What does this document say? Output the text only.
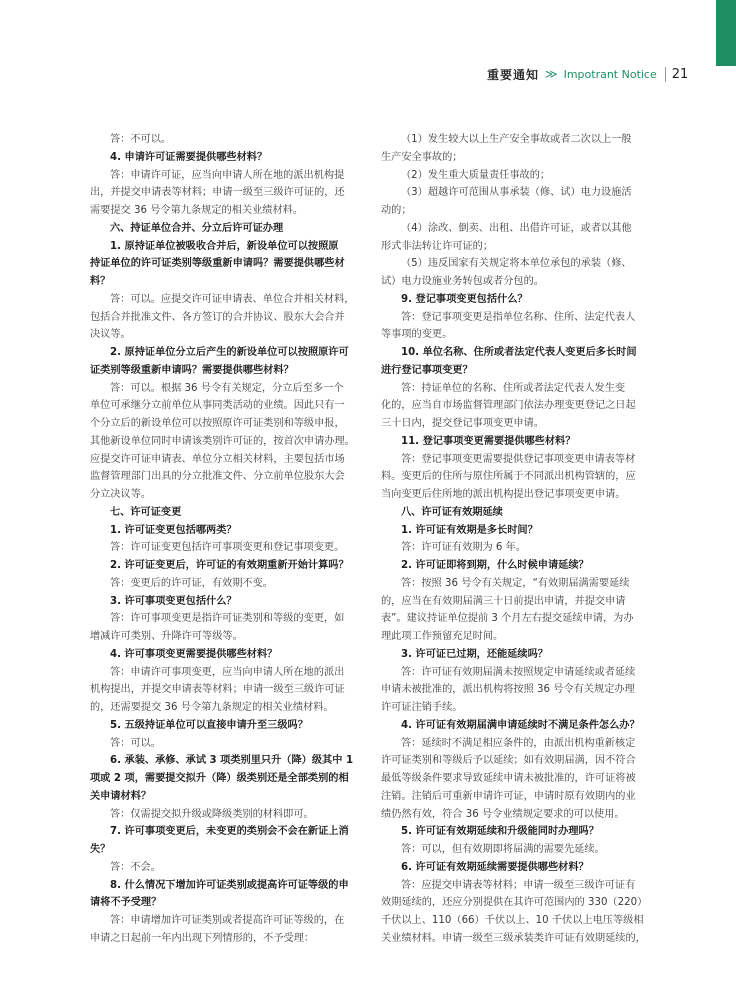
重要通知 ≫ Impotrant Notice	21
答：不可以。
4. 申请许可证需要提供哪些材料？
答：申请许可证，应当向申请人所在地的派出机构提
出，并提交申请表等材料；申请一级至三级许可证的，还
需要提交 36 号令第九条规定的相关业绩材料。
六、持证单位合并、分立后许可证办理
1. 原持证单位被吸收合并后，新设单位可以按照原
持证单位的许可证类别等级重新申请吗？需要提供哪些材
料？
答：可以。应提交许可证申请表、单位合并相关材料，
包括合并批准文件、各方签订的合并协议、股东大会合并
决议等。
2. 原持证单位分立后产生的新设单位可以按照原许可
证类别等级重新申请吗？需要提供哪些材料？
答：可以。根据 36 号令有关规定，分立后至多一个
单位可承继分立前单位从事同类活动的业绩。因此只有一
个分立后的新设单位可以按照原许可证类别和等级申报，
其他新设单位同时申请该类别许可证的，按首次申请办理。
应提交许可证申请表、单位分立相关材料，主要包括市场
监督管理部门出具的分立批准文件、分立前单位股东大会
分立决议等。
七、许可证变更
1. 许可证变更包括哪两类？
答：许可证变更包括许可事项变更和登记事项变更。
2. 许可证变更后，许可证的有效期重新开始计算吗？
答：变更后的许可证，有效期不变。
3. 许可事项变更包括什么？
答：许可事项变更是指许可证类别和等级的变更，如
增减许可类别、升降许可等级等。
4. 许可事项变更需要提供哪些材料？
答：申请许可事项变更，应当向申请人所在地的派出
机构提出，并提交申请表等材料；申请一级至三级许可证
的，还需要提交 36 号令第九条规定的相关业绩材料。
5. 五级持证单位可以直接申请升至三级吗？
答：可以。
6. 承装、承修、承试 3 项类别里只升（降）级其中 1
项或 2 项，需要提交拟升（降）级类别还是全部类别的相
关申请材料？
答：仅需提交拟升级或降级类别的材料即可。
7. 许可事项变更后，未变更的类别会不会在新证上消
失？
答：不会。
8. 什么情况下增加许可证类别或提高许可证等级的申
请将不予受理？
答：申请增加许可证类别或者提高许可证等级的，在
申请之日起前一年内出现下列情形的，不予受理：
（1）发生较大以上生产安全事故或者二次以上一般
生产安全事故的；
（2）发生重大质量责任事故的；
（3）超越许可范围从事承装（修、试）电力设施活
动的；
（4）涂改、倒卖、出租、出借许可证，或者以其他
形式非法转让许可证的；
（5）违反国家有关规定将本单位承包的承装（修、
试）电力设施业务转包或者分包的。
9. 登记事项变更包括什么？
答：登记事项变更是指单位名称、住所、法定代表人
等事项的变更。
10. 单位名称、住所或者法定代表人变更后多长时间
进行登记事项变更？
答：持证单位的名称、住所或者法定代表人发生变
化的，应当自市场监督管理部门依法办理变更登记之日起
三十日内，提交登记事项变更申请。
11. 登记事项变更需要提供哪些材料？
答：登记事项变更需要提供登记事项变更申请表等材
料。变更后的住所与原住所属于不同派出机构管辖的，应
当向变更后住所地的派出机构提出登记事项变更申请。
八、许可证有效期延续
1. 许可证有效期是多长时间？
答：许可证有效期为 6 年。
2. 许可证即将到期，什么时候申请延续？
答：按照 36 号令有关规定，“有效期届满需要延续
的，应当在有效期届满三十日前提出申请，并提交申请
表”。建议持证单位提前 3 个月左右提交延续申请，为办
理此项工作预留充足时间。
3. 许可证已过期，还能延续吗？
答：许可证有效期届满未按照规定申请延续或者延续
申请未被批准的，派出机构将按照 36 号令有关规定办理
许可证注销手续。
4. 许可证有效期届满申请延续时不满足条件怎么办？
答：延续时不满足相应条件的，由派出机构重新核定
许可证类别和等级后予以延续；如有效期届满，因不符合
最低等级条件要求导致延续申请未被批准的，许可证将被
注销。注销后可重新申请许可证，申请时原有效期内的业
绩仍然有效，符合 36 号令业绩规定要求的可以使用。
5. 许可证有效期延续和升级能同时办理吗？
答：可以，但有效期即将届满的需要先延续。
6. 许可证有效期延续需要提供哪些材料？
答：应提交申请表等材料；申请一级至三级许可证有
效期延续的，还应分别提供在其许可范围内的 330（220）
千伏以上、110（66）千伏以上、10 千伏以上电压等级相
关业绩材料。申请一级至三级承装类许可证有效期延续的，
